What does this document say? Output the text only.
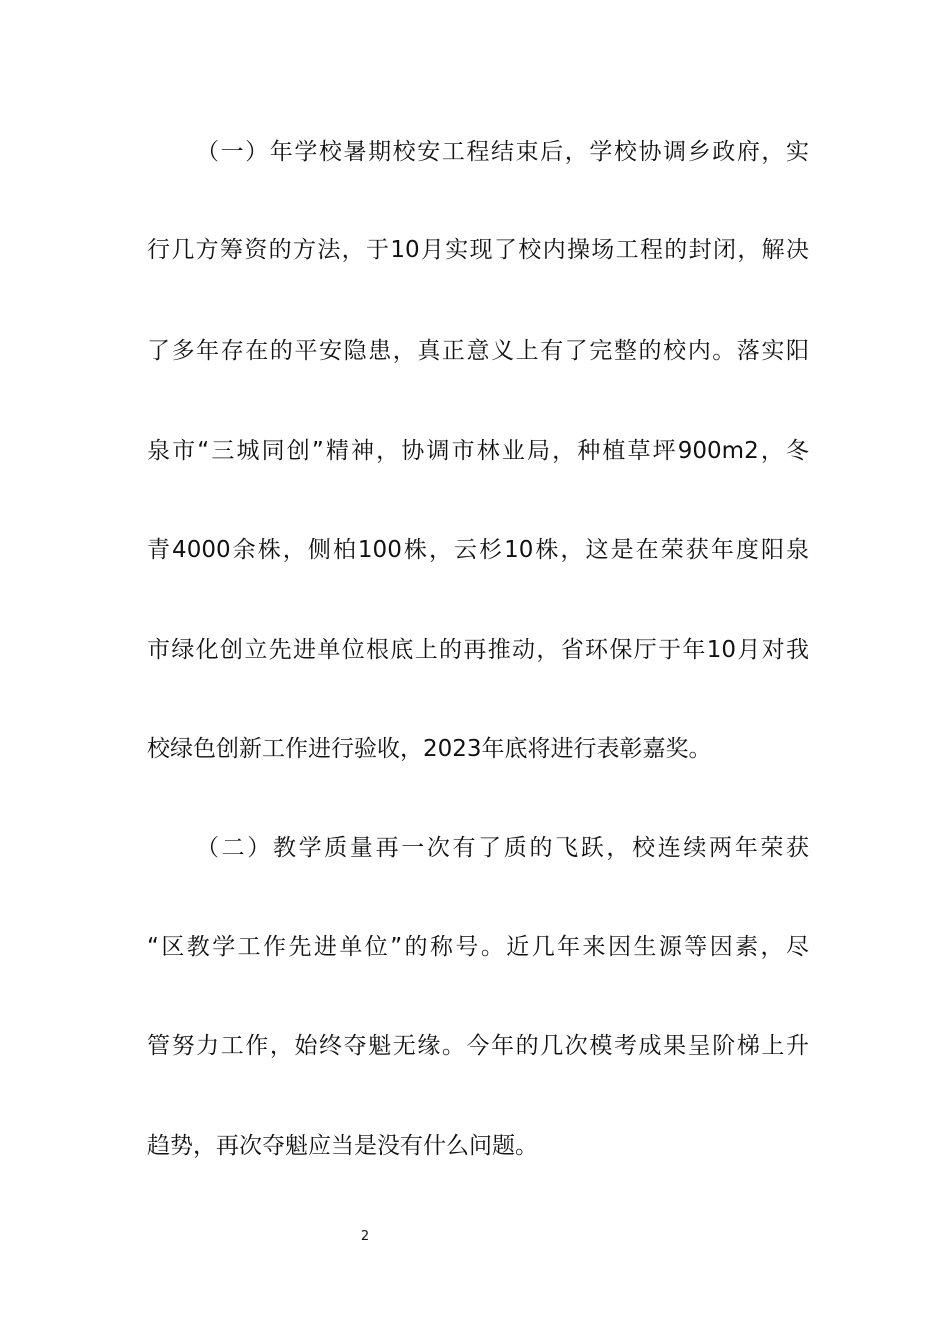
（一）年学校暑期校安工程结束后，学校协调乡政府，实
行几方筹资的方法，于10月实现了校内操场工程的封闭，解决
了多年存在的平安隐患，真正意义上有了完整的校内。落实阳
泉市“三城同创”精神，协调市林业局，种植草坪900m2，冬
青4000余株，侧柏100株，云杉10株，这是在荣获年度阳泉
市绿化创立先进单位根底上的再推动，省环保厅于年10月对我
校绿色创新工作进行验收，2023年底将进行表彰嘉奖。
（二）教学质量再一次有了质的飞跃，校连续两年荣获
“区教学工作先进单位”的称号。近几年来因生源等因素，尽
管努力工作，始终夺魁无缘。今年的几次模考成果呈阶梯上升
趋势，再次夺魁应当是没有什么问题。
2
